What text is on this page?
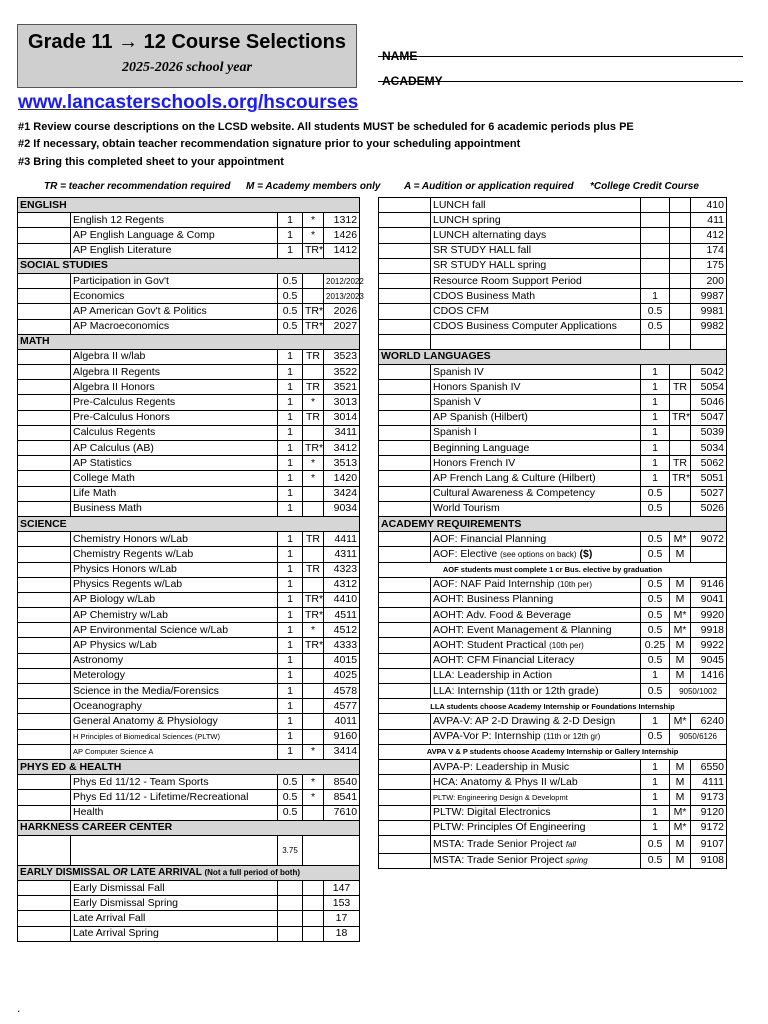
Grade 11 → 12 Course Selections
2025-2026 school year
NAME
ACADEMY
www.lancasterschools.org/hscourses
#1 Review course descriptions on the LCSD website. All students MUST be scheduled for 6 academic periods plus PE
#2 If necessary, obtain teacher recommendation signature prior to your scheduling appointment
#3 Bring this completed sheet to your appointment
TR = teacher recommendation required M = Academy members only A = Audition or application required *College Credit Course
ENGLISH				
	English 12 Regents	1	*	1312
	AP English Language & Comp	1	*	1426
	AP English Literature	1	TR*	1412
SOCIAL STUDIES				
	Participation in Gov't	0.5		2012/2022
	Economics	0.5		2013/2023
	AP American Gov't & Politics	0.5	TR*	2026
	AP Macroeconomics	0.5	TR*	2027
MATH				
	Algebra II w/lab	1	TR	3523
	Algebra II Regents	1		3522
	Algebra II Honors	1	TR	3521
	Pre-Calculus Regents	1	*	3013
	Pre-Calculus Honors	1	TR	3014
	Calculus Regents	1		3411
	AP Calculus (AB)	1	TR*	3412
	AP Statistics	1	*	3513
	College Math	1	*	1420
	Life Math	1		3424
	Business Math	1		9034
SCIENCE				
	Chemistry Honors w/Lab	1	TR	4411
	Chemistry Regents w/Lab	1		4311
	Physics Honors w/Lab	1	TR	4323
	Physics Regents w/Lab	1		4312
	AP Biology w/Lab	1	TR*	4410
	AP Chemistry w/Lab	1	TR*	4511
	AP Environmental Science w/Lab	1	*	4512
	AP Physics w/Lab	1	TR*	4333
	Astronomy	1		4015
	Meterology	1		4025
	Science in the Media/Forensics	1		4578
	Oceanography	1		4577
	General Anatomy & Physiology	1		4011
	H Principles of Biomedical Sciences (PLTW)	1		9160
	AP Computer Science A	1	*	3414
PHYS ED & HEALTH				
	Phys Ed 11/12 - Team Sports	0.5	*	8540
	Phys Ed 11/12 - Lifetime/Recreational	0.5	*	8541
	Health	0.5		7610
HARKNESS CAREER CENTER				
		3.75		
EARLY DISMISSAL OR LATE ARRIVAL (Not a full period of both)				
	Early Dismissal Fall			147
	Early Dismissal Spring			153
	Late Arrival Fall			17
	Late Arrival Spring			18
	LUNCH fall			410
	LUNCH spring			411
	LUNCH alternating days			412
	SR STUDY HALL fall			174
	SR STUDY HALL spring			175
	Resource Room Support Period			200
	CDOS Business Math	1		9987
	CDOS CFM	0.5		9981
	CDOS Business Computer Applications	0.5		9982

WORLD LANGUAGES				
	Spanish IV	1		5042
	Honors Spanish IV	1	TR	5054
	Spanish V	1		5046
	AP Spanish (Hilbert)	1	TR*	5047
	Spanish I	1		5039
	Beginning Language	1		5034
	Honors French IV	1	TR	5062
	AP French Lang & Culture (Hilbert)	1	TR*	5051
	Cultural Awareness & Competency	0.5		5027
	World Tourism	0.5		5026
ACADEMY REQUIREMENTS				
	AOF: Financial Planning	0.5	M*	9072
	AOF: Elective (see options on back) ($)	0.5	M	
AOF students must complete 1 cr Bus. elective by graduation				
	AOF: NAF Paid Internship (10th per)	0.5	M	9146
	AOHT: Business Planning	0.5	M	9041
	AOHT: Adv. Food & Beverage	0.5	M*	9920
	AOHT: Event Management & Planning	0.5	M*	9918
	AOHT: Student Practical (10th per)	0.25	M	9922
	AOHT: CFM Financial Literacy	0.5	M	9045
	LLA: Leadership in Action	1	M	1416
	LLA: Internship (11th or 12th grade)	0.5	9050/1002	
LLA students choose Academy Internship or Foundations Internship				
	AVPA-V: AP 2-D Drawing & 2-D Design	1	M*	6240
	AVPA-Vor P: Internship (11th or 12th gr)	0.5	9050/6126	
AVPA V & P students choose Academy Internship or Gallery Internship				
	AVPA-P: Leadership in Music	1	M	6550
	HCA: Anatomy & Phys II w/Lab	1	M	4111
	PLTW: Engineering Design & Developmt	1	M	9173
	PLTW: Digital Electronics	1	M*	9120
	PLTW: Principles Of Engineering	1	M*	9172
	MSTA: Trade Senior Project fall	0.5	M	9107
	MSTA: Trade Senior Project spring	0.5	M	9108
.
